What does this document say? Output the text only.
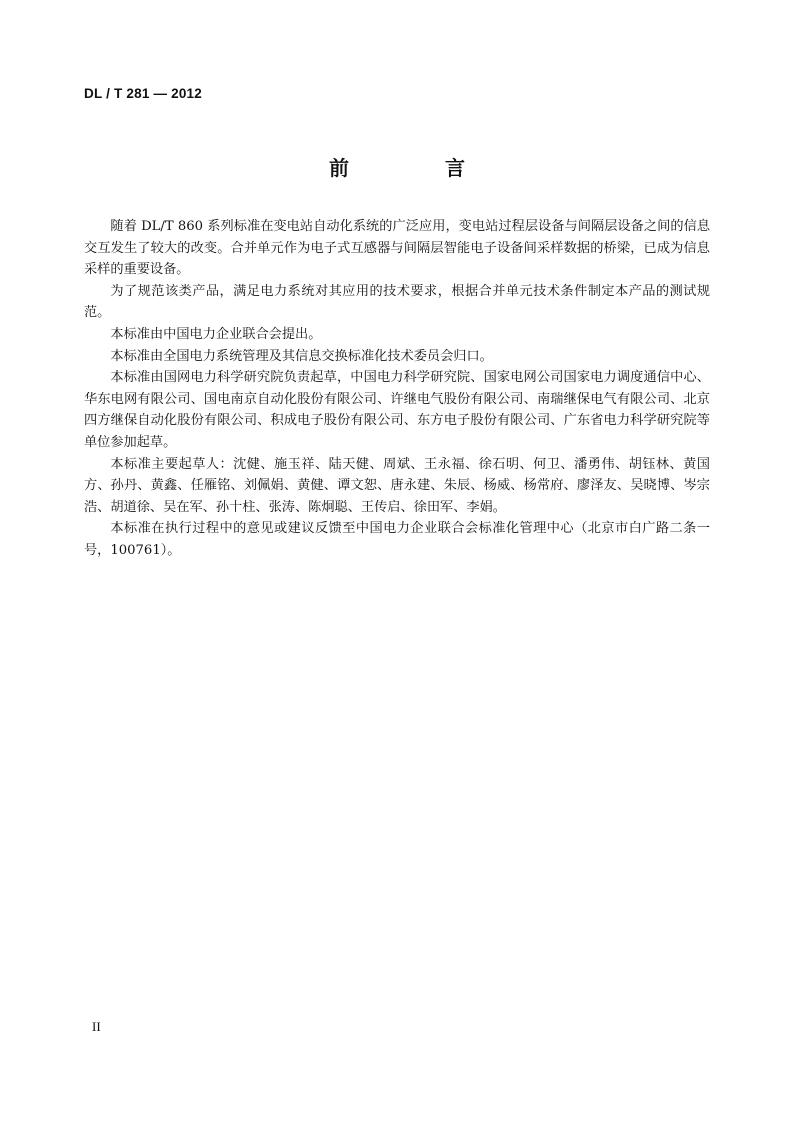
DL / T 281 — 2012
前　言

随着 DL/T 860 系列标准在变电站自动化系统的广泛应用，变电站过程层设备与间隔层设备之间的信息交互发生了较大的改变。合并单元作为电子式互感器与间隔层智能电子设备间采样数据的桥梁，已成为信息采样的重要设备。

为了规范该类产品，满足电力系统对其应用的技术要求，根据合并单元技术条件制定本产品的测试规范。

本标准由中国电力企业联合会提出。

本标准由全国电力系统管理及其信息交换标准化技术委员会归口。

本标准由国网电力科学研究院负责起草，中国电力科学研究院、国家电网公司国家电力调度通信中心、华东电网有限公司、国电南京自动化股份有限公司、许继电气股份有限公司、南瑞继保电气有限公司、北京四方继保自动化股份有限公司、积成电子股份有限公司、东方电子股份有限公司、广东省电力科学研究院等单位参加起草。

本标准主要起草人：沈健、施玉祥、陆天健、周斌、王永福、徐石明、何卫、潘勇伟、胡钰林、黄国方、孙丹、黄鑫、任雁铭、刘佩娟、黄健、谭文恕、唐永建、朱辰、杨威、杨常府、廖泽友、吴晓博、岑宗浩、胡道徐、吴在军、孙十柱、张涛、陈炯聪、王传启、徐田军、李娟。

本标准在执行过程中的意见或建议反馈至中国电力企业联合会标准化管理中心（北京市白广路二条一号，100761）。

II
